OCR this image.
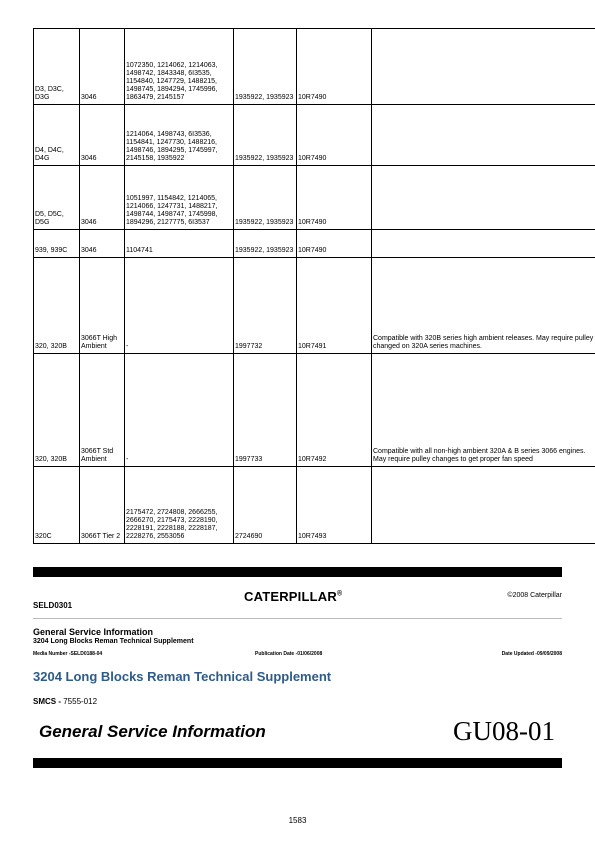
D3, D3C, D3G	3046	1072350, 1214062, 1214063, 1498742, 1843348, 6I3535, 1154840, 1247729, 1488215, 1498745, 1894294, 1745996, 1863479, 2145157	1935922, 1935923	10R7490	
D4, D4C, D4G	3046	1214064, 1498743, 6I3536, 1154841, 1247730, 1488216, 1498746, 1894295, 1745997, 2145158, 1935922	1935922, 1935923	10R7490	
D5, D5C, D5G	3046	1051997, 1154842, 1214065, 1214066, 1247731, 1488217, 1498744, 1498747, 1745998, 1894296, 2127775, 6I3537	1935922, 1935923	10R7490	
939, 939C	3046	1104741	1935922, 1935923	10R7490	
320, 320B	3066T High Ambient	-	1997732	10R7491	Compatible with 320B series high ambient releases. May require pulley changed on 320A series machines.
320, 320B	3066T Std Ambient	-	1997733	10R7492	Compatible with all non-high ambient 320A & B series 3066 engines. May require pulley changes to get proper fan speed
320C	3066T Tier 2	2175472, 2724808, 2666255, 2666270, 2175473, 2228190, 2228191, 2228188, 2228187, 2228276, 2553056	2724690	10R7493	
CATERPILLAR®	©2008 Caterpillar
SELD0301
General Service Information
3204 Long Blocks Reman Technical Supplement
Media Number -SELD0188-04	Publication Date -01/06/2008	Date Updated -09/09/2008
3204 Long Blocks Reman Technical Supplement
SMCS - 7555-012
General Service Information	GU08-01
1583
